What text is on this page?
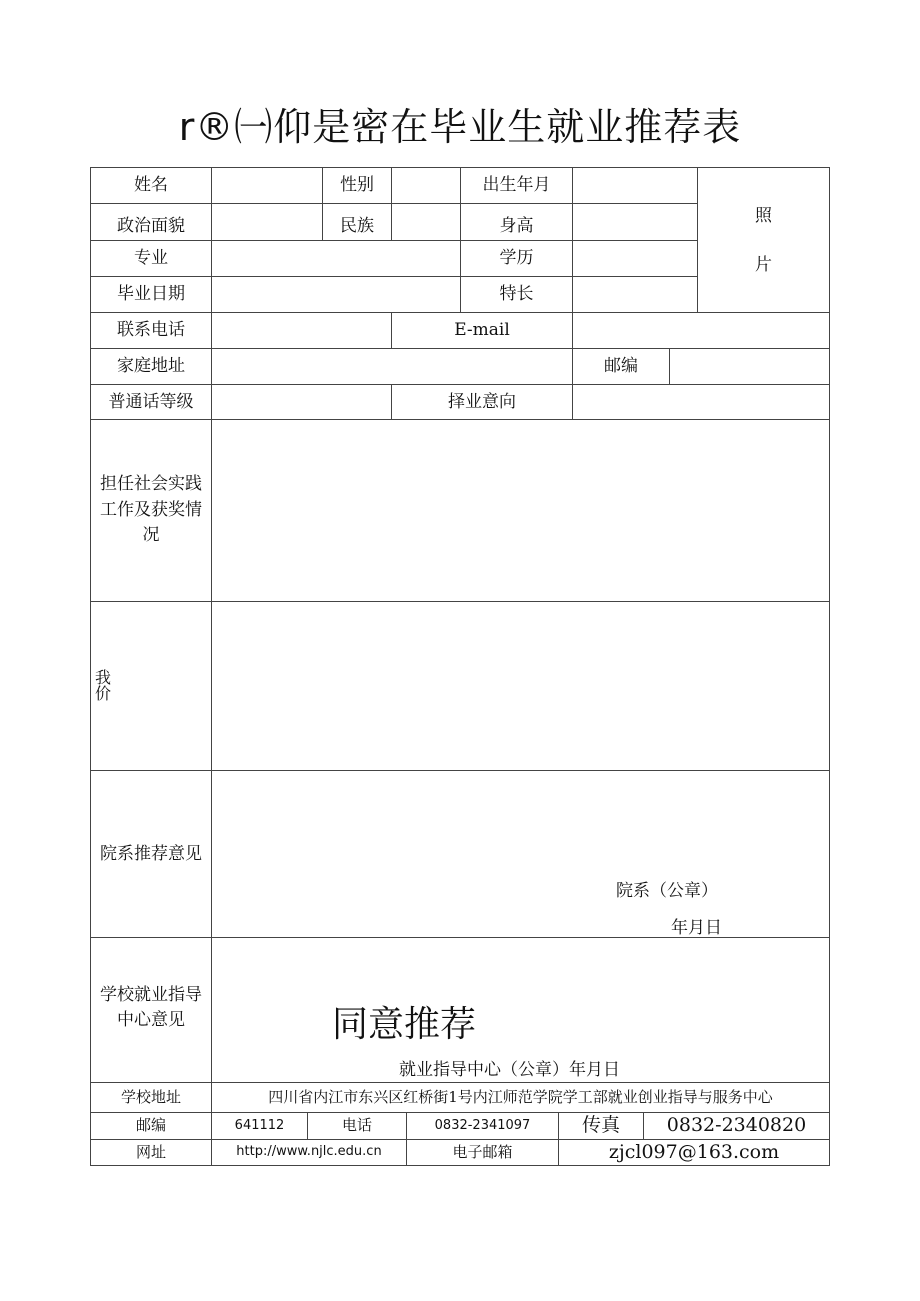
r®㈠仰是密在毕业生就业推荐表
姓名	性别	出生年月
照
片
政治面貌	民族	身高
专业	学历
毕业日期	特长
联系电话	E-mail
家庭地址	邮编
普通话等级	择业意向
担任社会实践
工作及获奖情
况
我
价
院系推荐意见
院系（公章）
年月日
学校就业指导
中心意见	同意推荐
就业指导中心（公章）年月日
学校地址	四川省内江市东兴区红桥街1号内江师范学院学工部就业创业指导与服务中心
邮编	641112	电话	0832-2341097	传真 0832-2340820
网址	http://www.njlc.edu.cn	电子邮箱	zjcl097@163.com
